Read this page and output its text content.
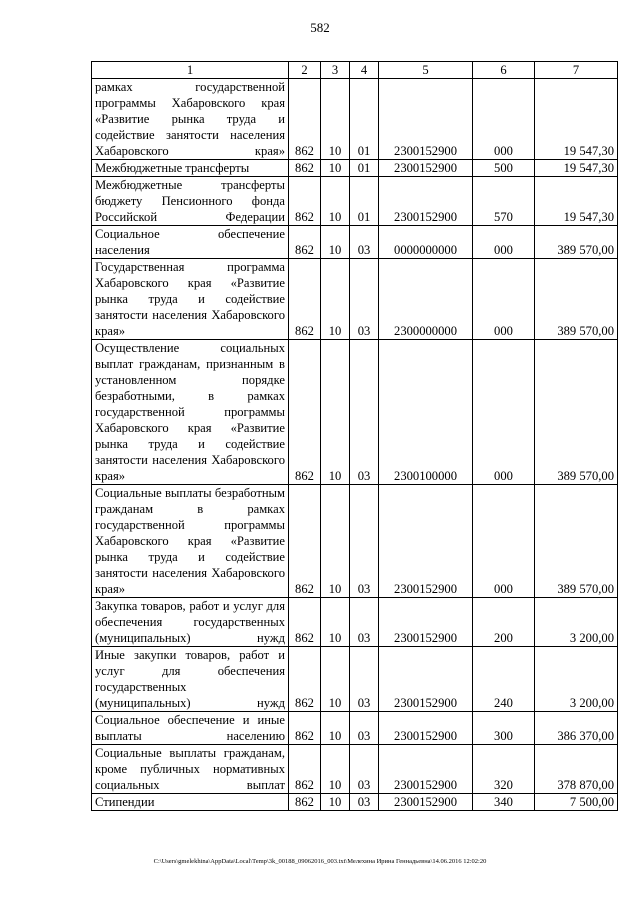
582
1	2	3	4	5	6	7
рамках государственной программы Хабаровского края «Развитие рынка труда и содействие занятости населения Хабаровского края»	862	10	01	2300152900	000	19 547,30
Межбюджетные трансферты	862	10	01	2300152900	500	19 547,30
Межбюджетные трансферты бюджету Пенсионного фонда Российской Федерации	862	10	01	2300152900	570	19 547,30
Социальное обеспечение населения	862	10	03	0000000000	000	389 570,00
Государственная программа Хабаровского края «Развитие рынка труда и содействие занятости населения Хабаровского края»	862	10	03	2300000000	000	389 570,00
Осуществление социальных выплат гражданам, признанным в установленном порядке безработными, в рамках государственной программы Хабаровского края «Развитие рынка труда и содействие занятости населения Хабаровского края»	862	10	03	2300100000	000	389 570,00
Социальные выплаты безработным гражданам в рамках государственной программы Хабаровского края «Развитие рынка труда и содействие занятости населения Хабаровского края»	862	10	03	2300152900	000	389 570,00
Закупка товаров, работ и услуг для обеспечения государственных (муниципальных) нужд	862	10	03	2300152900	200	3 200,00
Иные закупки товаров, работ и услуг для обеспечения государственных (муниципальных) нужд	862	10	03	2300152900	240	3 200,00
Социальное обеспечение и иные выплаты населению	862	10	03	2300152900	300	386 370,00
Социальные выплаты гражданам, кроме публичных нормативных социальных выплат	862	10	03	2300152900	320	378 870,00
Стипендии	862	10	03	2300152900	340	7 500,00
C:\Users\gmelekhina\AppData\Local\Temp\3k_00188_09062016_003.txt\Мелехина Ирина Геннадьевна\14.06.2016 12:02:20
